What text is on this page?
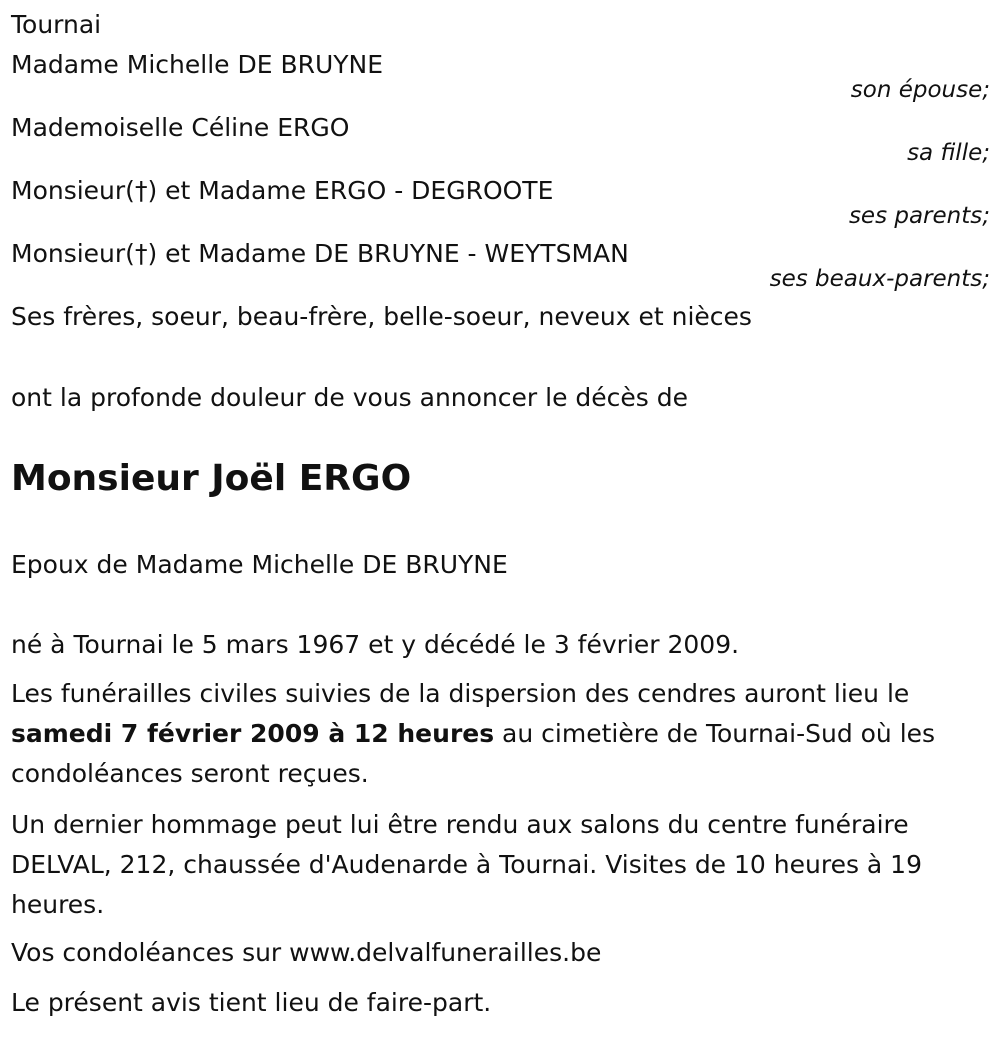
Tournai
Madame Michelle DE BRUYNE
son épouse;
Mademoiselle Céline ERGO
sa fille;
Monsieur(†) et Madame ERGO - DEGROOTE
ses parents;
Monsieur(†) et Madame DE BRUYNE - WEYTSMAN
ses beaux-parents;
Ses frères, soeur, beau-frère, belle-soeur, neveux et nièces
ont la profonde douleur de vous annoncer le décès de
Monsieur Joël ERGO
Epoux de Madame Michelle DE BRUYNE
né à Tournai le 5 mars 1967 et y décédé le 3 février 2009.
Les funérailles civiles suivies de la dispersion des cendres auront lieu le samedi 7 février 2009 à 12 heures au cimetière de Tournai-Sud où les condoléances seront reçues.
Un dernier hommage peut lui être rendu aux salons du centre funéraire DELVAL, 212, chaussée d'Audenarde à Tournai. Visites de 10 heures à 19 heures.
Vos condoléances sur www.delvalfunerailles.be
Le présent avis tient lieu de faire-part.
